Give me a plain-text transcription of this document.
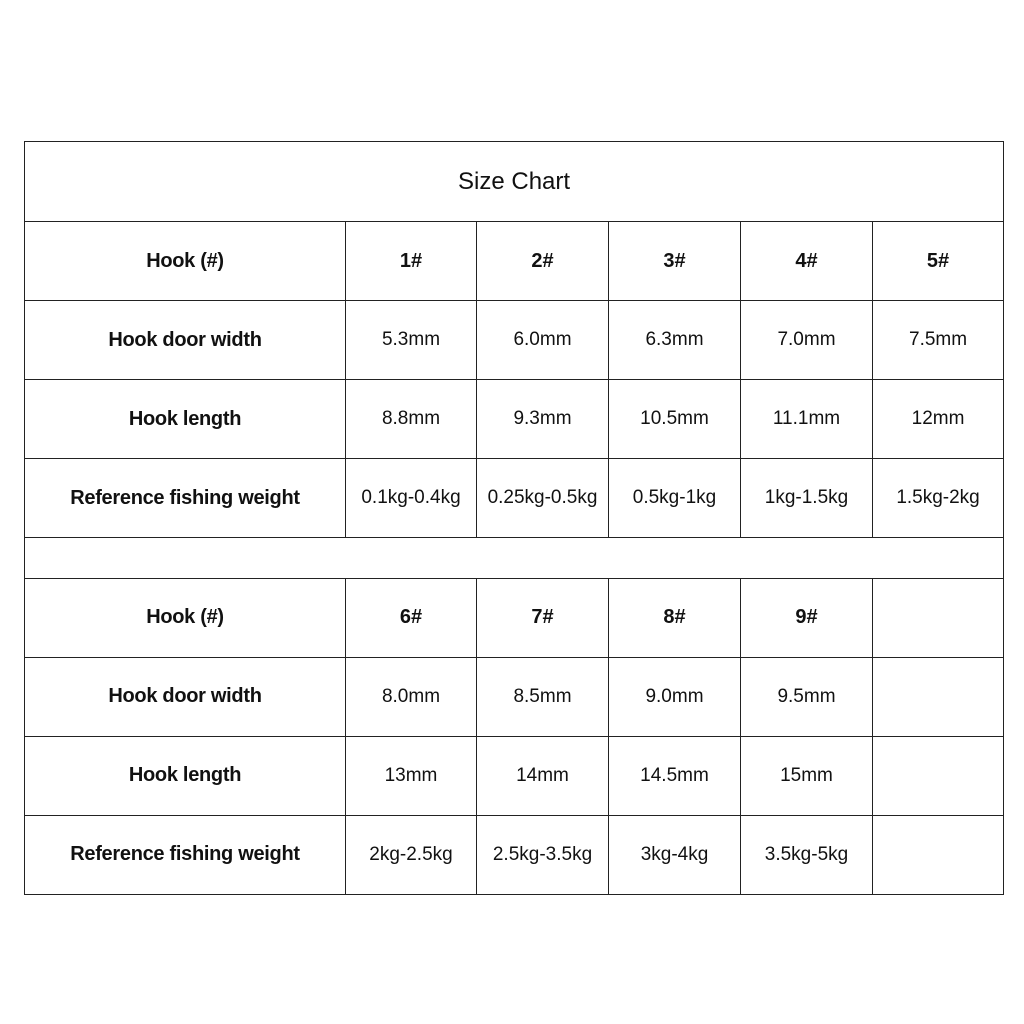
Size Chart					
Hook (#)	1#	2#	3#	4#	5#
Hook door width	5.3mm	6.0mm	6.3mm	7.0mm	7.5mm
Hook length	8.8mm	9.3mm	10.5mm	11.1mm	12mm
Reference fishing weight	0.1kg-0.4kg	0.25kg-0.5kg	0.5kg-1kg	1kg-1.5kg	1.5kg-2kg

Hook (#)	6#	7#	8#	9#	
Hook door width	8.0mm	8.5mm	9.0mm	9.5mm	
Hook length	13mm	14mm	14.5mm	15mm	
Reference fishing weight	2kg-2.5kg	2.5kg-3.5kg	3kg-4kg	3.5kg-5kg	
